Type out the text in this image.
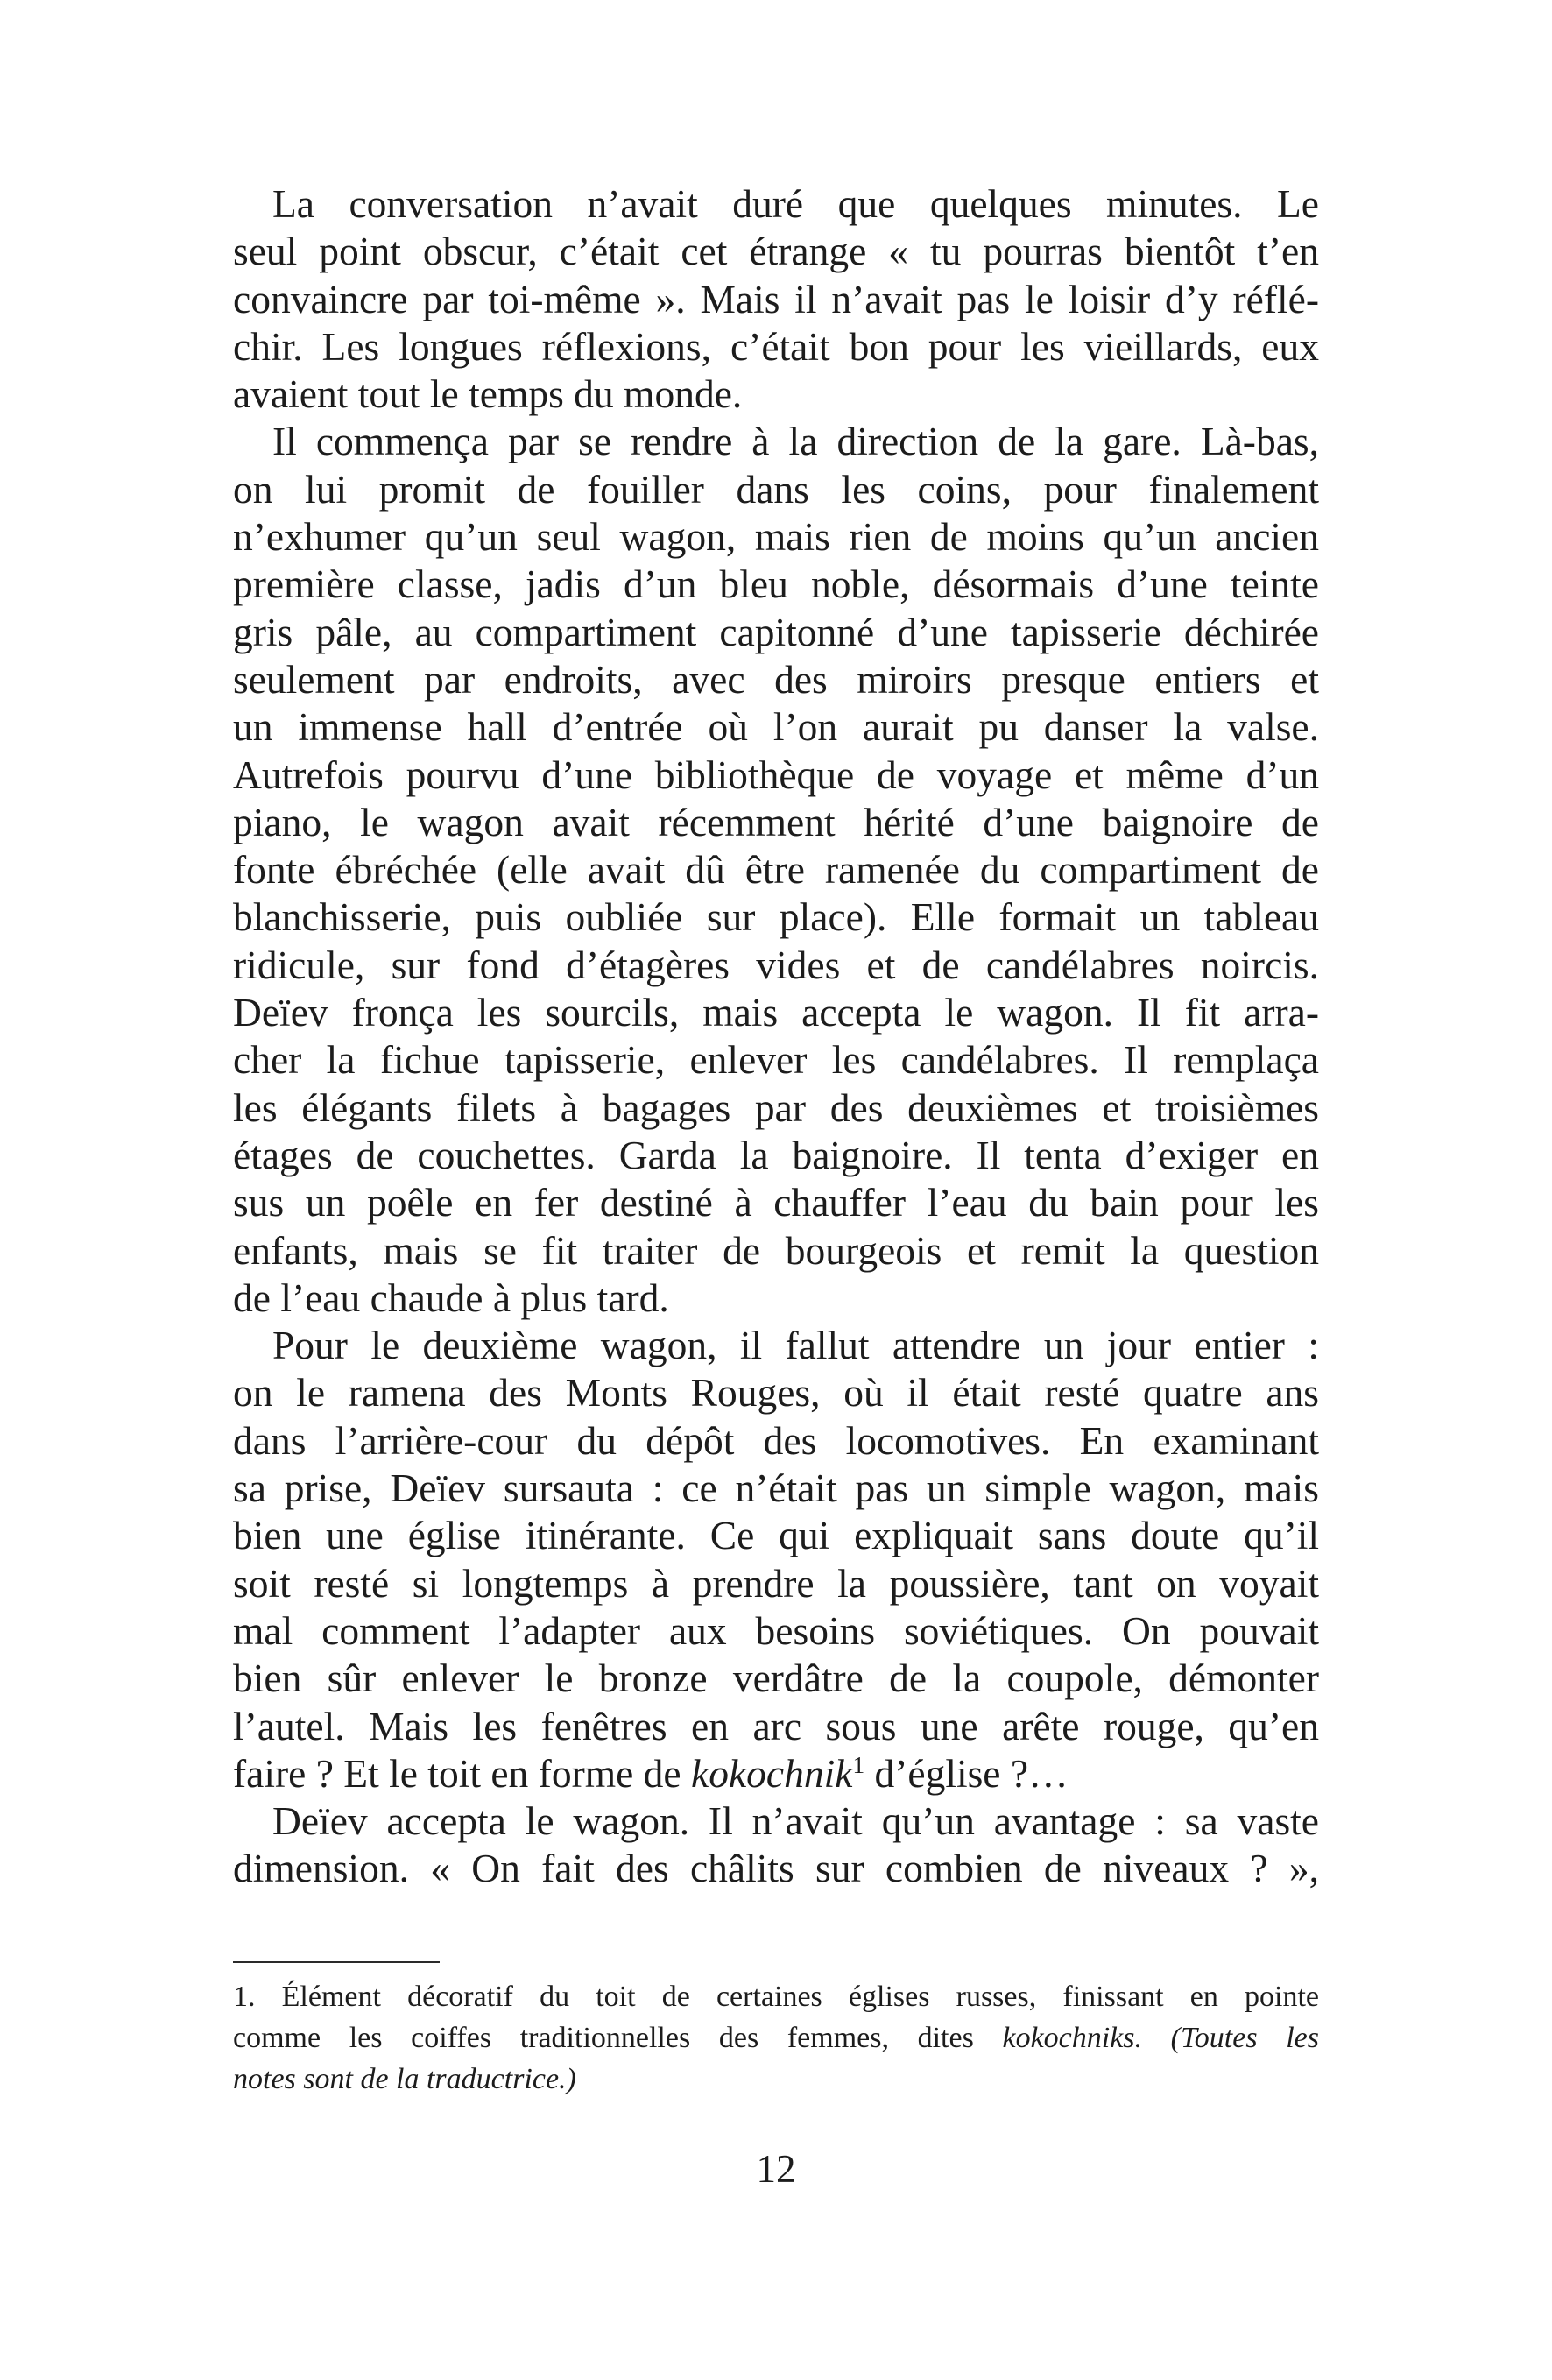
La conversation n’avait duré que quelques minutes. Le
seul point obscur, c’était cet étrange « tu pourras bientôt t’en
convaincre par toi-même ». Mais il n’avait pas le loisir d’y réflé-
chir. Les longues réflexions, c’était bon pour les vieillards, eux
avaient tout le temps du monde.
Il commença par se rendre à la direction de la gare. Là-bas,
on lui promit de fouiller dans les coins, pour finalement
n’exhumer qu’un seul wagon, mais rien de moins qu’un ancien
première classe, jadis d’un bleu noble, désormais d’une teinte
gris pâle, au compartiment capitonné d’une tapisserie déchirée
seulement par endroits, avec des miroirs presque entiers et
un immense hall d’entrée où l’on aurait pu danser la valse.
Autrefois pourvu d’une bibliothèque de voyage et même d’un
piano, le wagon avait récemment hérité d’une baignoire de
fonte ébréchée (elle avait dû être ramenée du compartiment de
blanchisserie, puis oubliée sur place). Elle formait un tableau
ridicule, sur fond d’étagères vides et de candélabres noircis.
Deïev fronça les sourcils, mais accepta le wagon. Il fit arra-
cher la fichue tapisserie, enlever les candélabres. Il remplaça
les élégants filets à bagages par des deuxièmes et troisièmes
étages de couchettes. Garda la baignoire. Il tenta d’exiger en
sus un poêle en fer destiné à chauffer l’eau du bain pour les
enfants, mais se fit traiter de bourgeois et remit la question
de l’eau chaude à plus tard.
Pour le deuxième wagon, il fallut attendre un jour entier :
on le ramena des Monts Rouges, où il était resté quatre ans
dans l’arrière-cour du dépôt des locomotives. En examinant
sa prise, Deïev sursauta : ce n’était pas un simple wagon, mais
bien une église itinérante. Ce qui expliquait sans doute qu’il
soit resté si longtemps à prendre la poussière, tant on voyait
mal comment l’adapter aux besoins soviétiques. On pouvait
bien sûr enlever le bronze verdâtre de la coupole, démonter
l’autel. Mais les fenêtres en arc sous une arête rouge, qu’en
faire ? Et le toit en forme de kokochnik$^1$ d’église ?…
Deïev accepta le wagon. Il n’avait qu’un avantage : sa vaste
dimension. « On fait des châlits sur combien de niveaux ? »,
1. Élément décoratif du toit de certaines églises russes, finissant en pointe
comme les coiffes traditionnelles des femmes, dites kokochniks. (Toutes les
notes sont de la traductrice.)
12
